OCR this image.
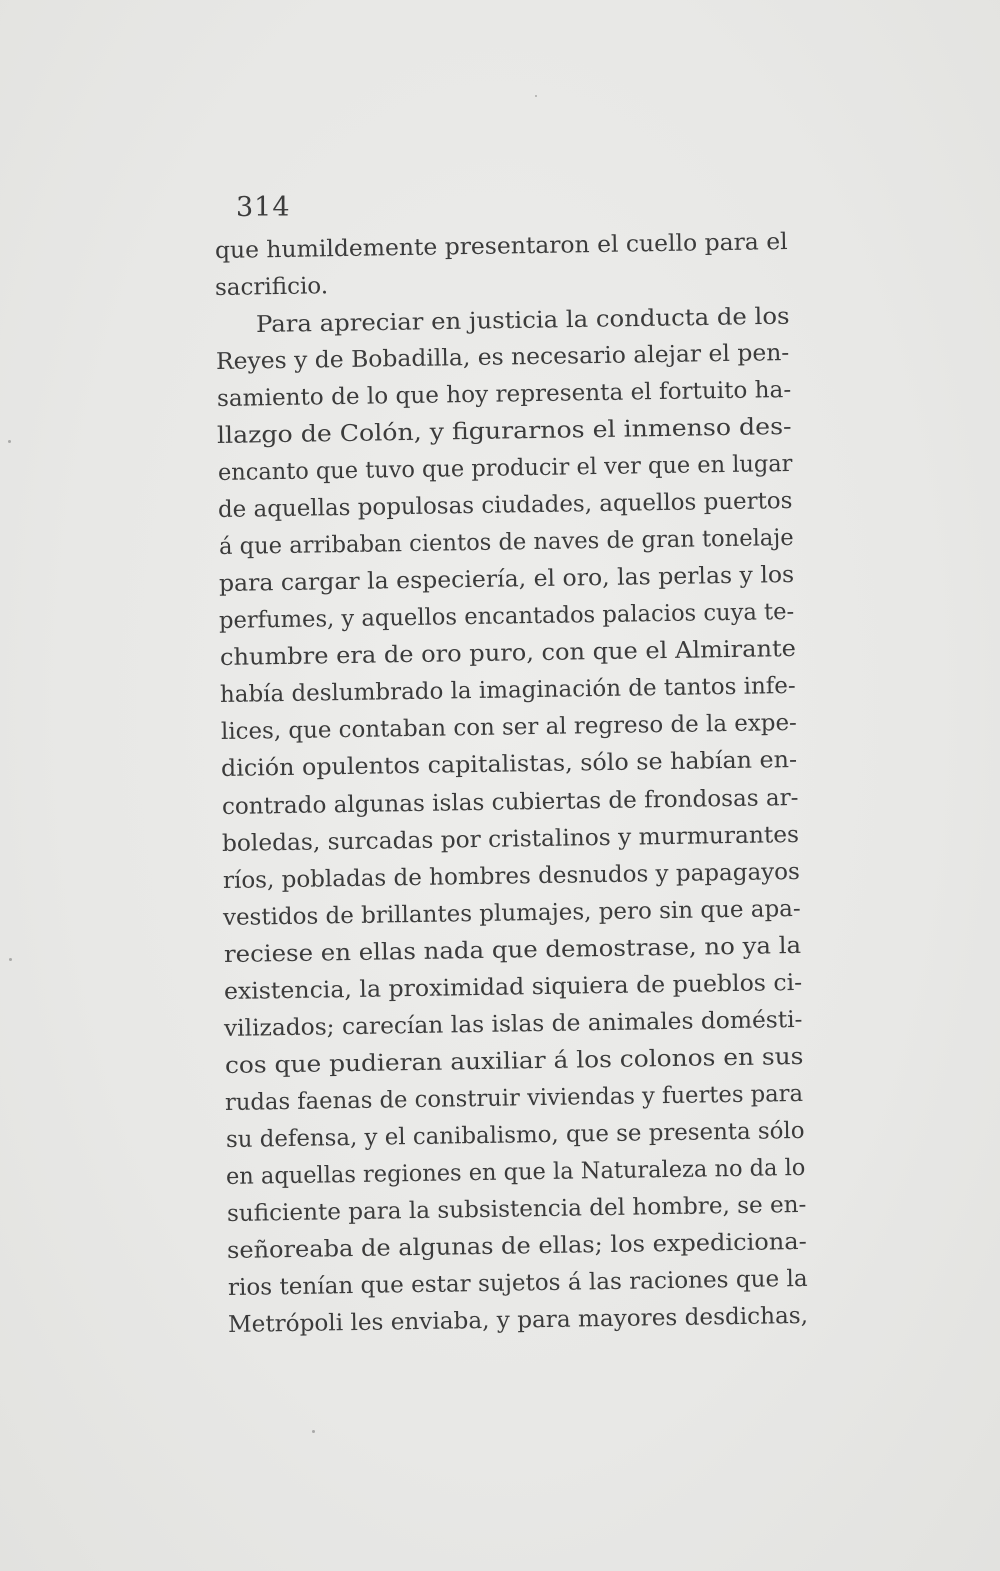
314
que humildemente presentaron el cuello para el
sacrificio.
Para apreciar en justicia la conducta de los
Reyes y de Bobadilla, es necesario alejar el pen-
samiento de lo que hoy representa el fortuito ha-
llazgo de Colón, y figurarnos el inmenso des-
encanto que tuvo que producir el ver que en lugar
de aquellas populosas ciudades, aquellos puertos
á que arribaban cientos de naves de gran tonelaje
para cargar la especiería, el oro, las perlas y los
perfumes, y aquellos encantados palacios cuya te-
chumbre era de oro puro, con que el Almirante
había deslumbrado la imaginación de tantos infe-
lices, que contaban con ser al regreso de la expe-
dición opulentos capitalistas, sólo se habían en-
contrado algunas islas cubiertas de frondosas ar-
boledas, surcadas por cristalinos y murmurantes
ríos, pobladas de hombres desnudos y papagayos
vestidos de brillantes plumajes, pero sin que apa-
reciese en ellas nada que demostrase, no ya la
existencia, la proximidad siquiera de pueblos ci-
vilizados; carecían las islas de animales domésti-
cos que pudieran auxiliar á los colonos en sus
rudas faenas de construir viviendas y fuertes para
su defensa, y el canibalismo, que se presenta sólo
en aquellas regiones en que la Naturaleza no da lo
suficiente para la subsistencia del hombre, se en-
señoreaba de algunas de ellas; los expediciona-
rios tenían que estar sujetos á las raciones que la
Metrópoli les enviaba, y para mayores desdichas,
